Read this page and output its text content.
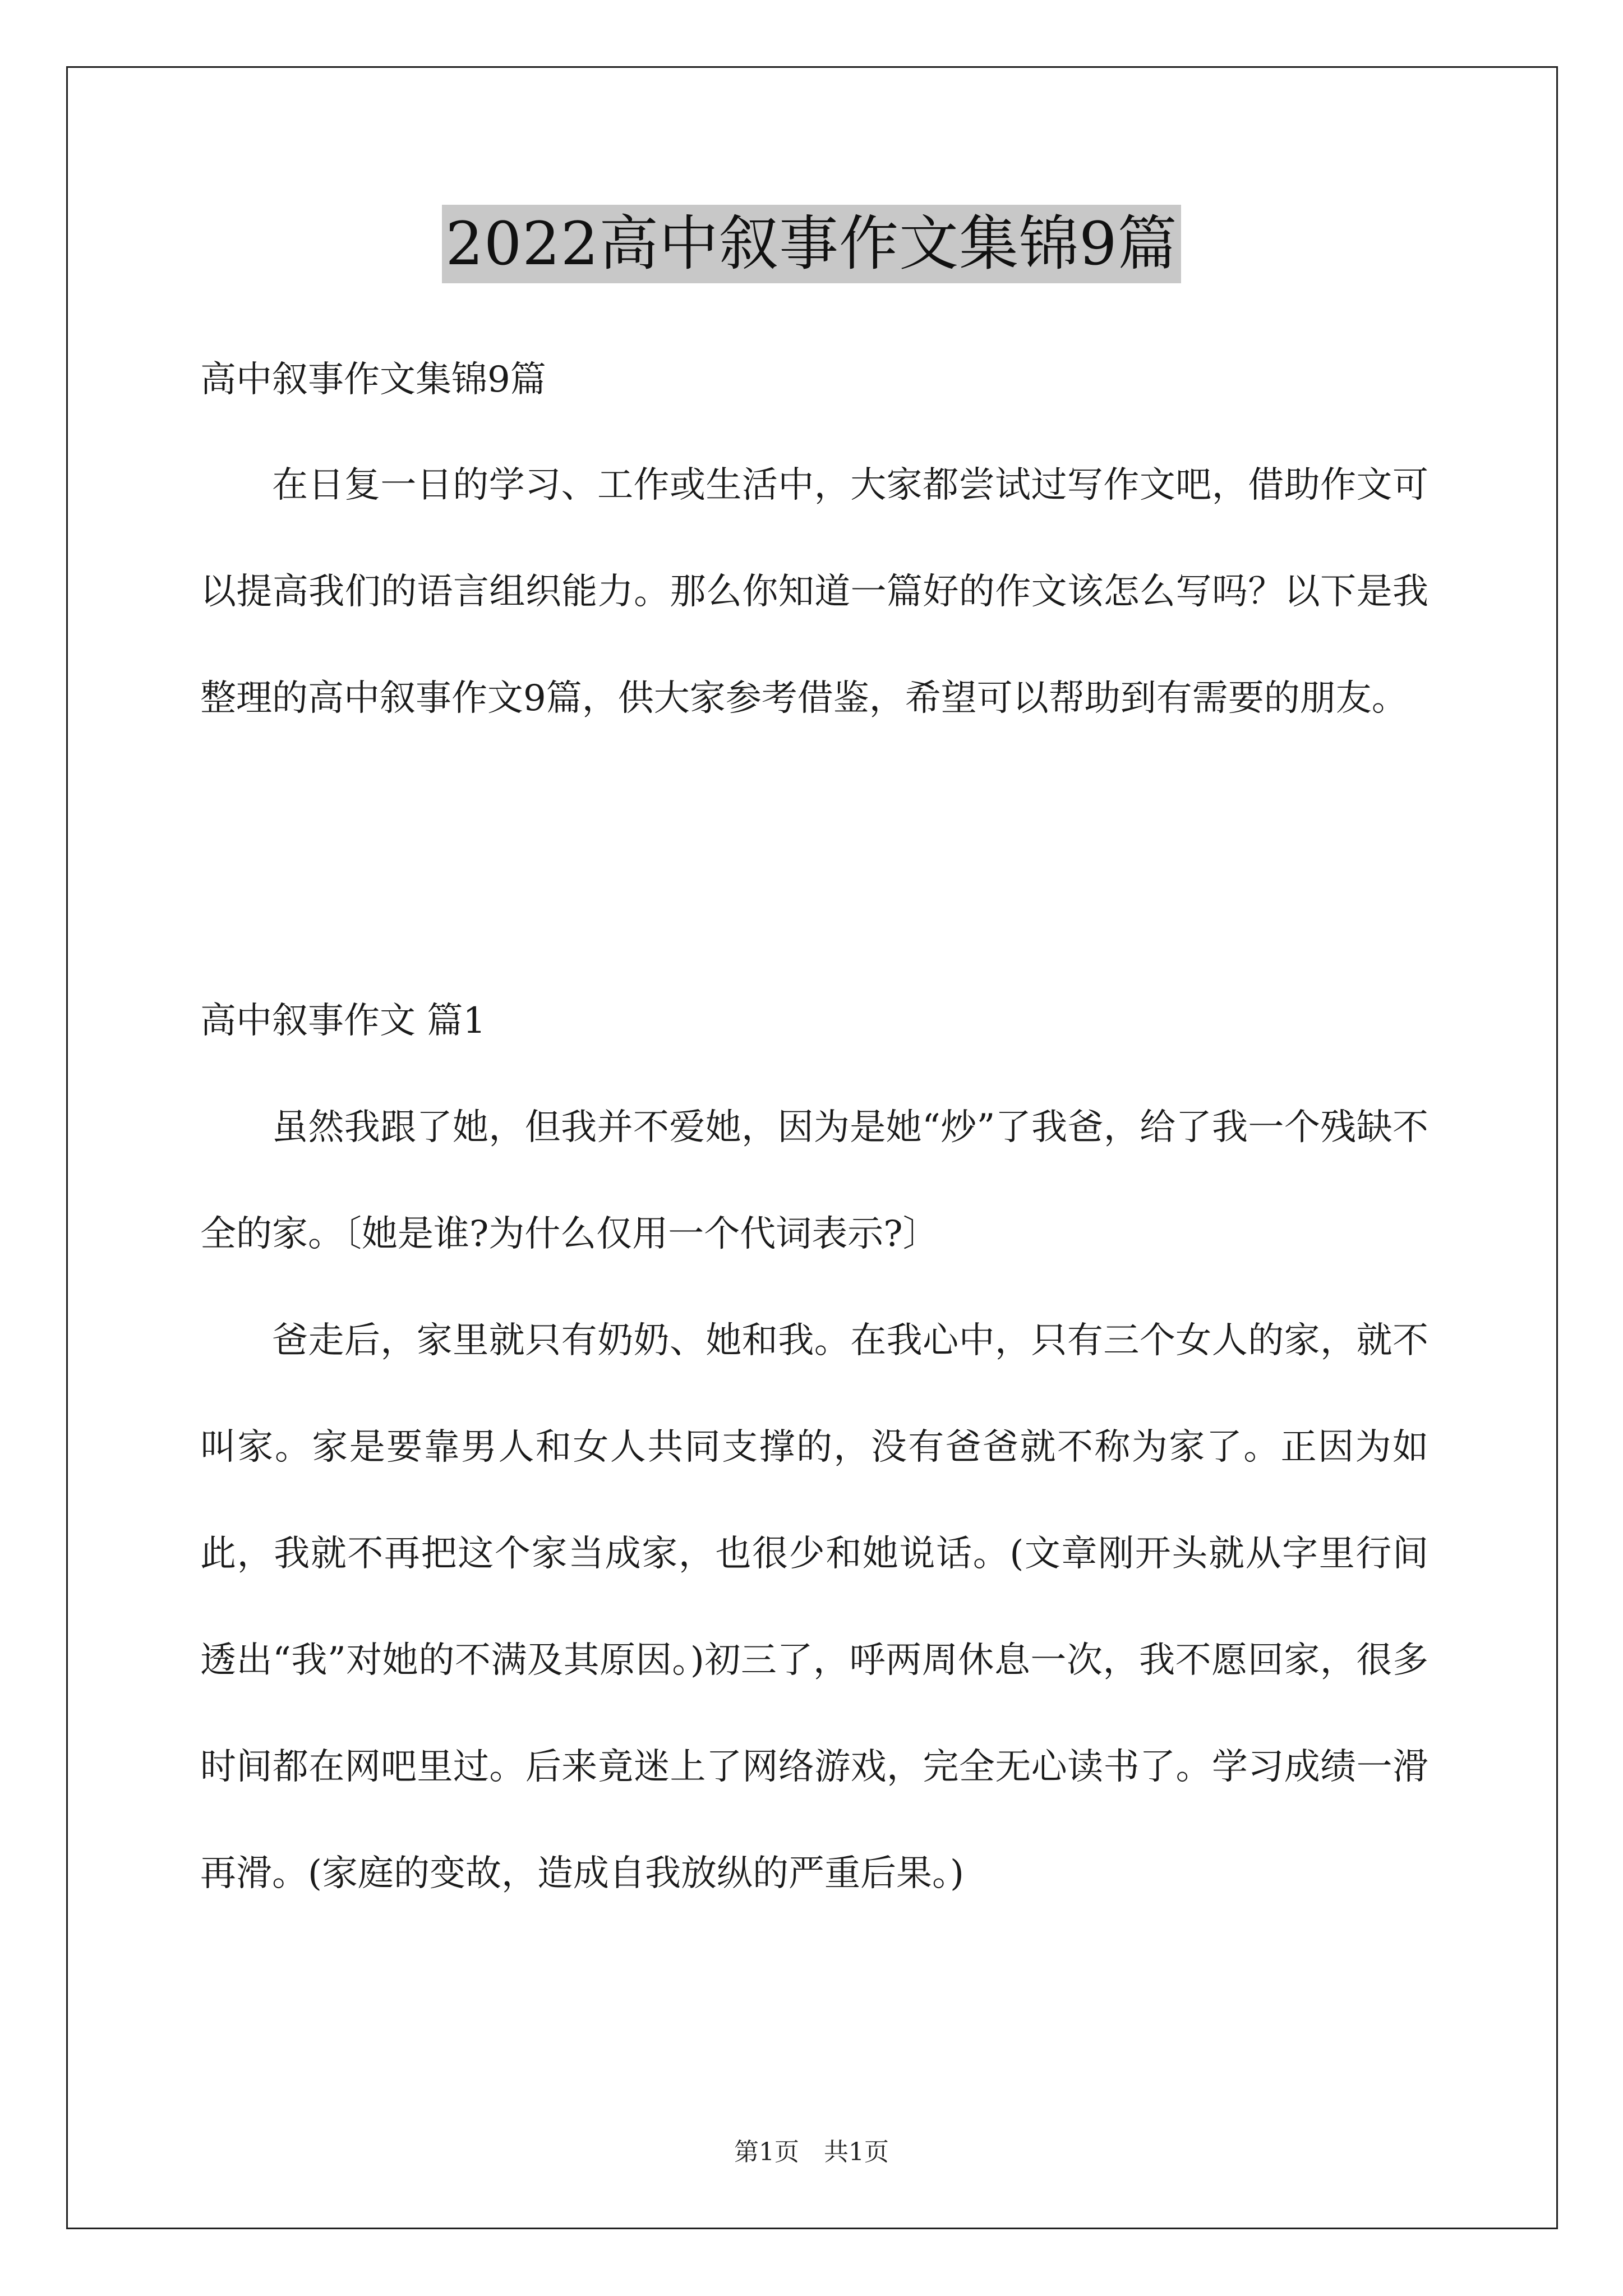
2022高中叙事作文集锦9篇
高中叙事作文集锦9篇

在日复一日的学习、工作或生活中，大家都尝试过写作文吧，借助作文可以提高我们的语言组织能力。那么你知道一篇好的作文该怎么写吗？以下是我整理的高中叙事作文9篇，供大家参考借鉴，希望可以帮助到有需要的朋友。

高中叙事作文 篇1

虽然我跟了她，但我并不爱她，因为是她“炒”了我爸，给了我一个残缺不全的家。〔她是谁?为什么仅用一个代词表示?〕

爸走后，家里就只有奶奶、她和我。在我心中，只有三个女人的家，就不叫家。家是要靠男人和女人共同支撑的，没有爸爸就不称为家了。正因为如此，我就不再把这个家当成家，也很少和她说话。(文章刚开头就从字里行间透出“我”对她的不满及其原因。)初三了，呼两周休息一次，我不愿回家，很多时间都在网吧里过。后来竟迷上了网络游戏，完全无心读书了。学习成绩一滑再滑。(家庭的变故，造成自我放纵的严重后果。)

第1页　共1页
